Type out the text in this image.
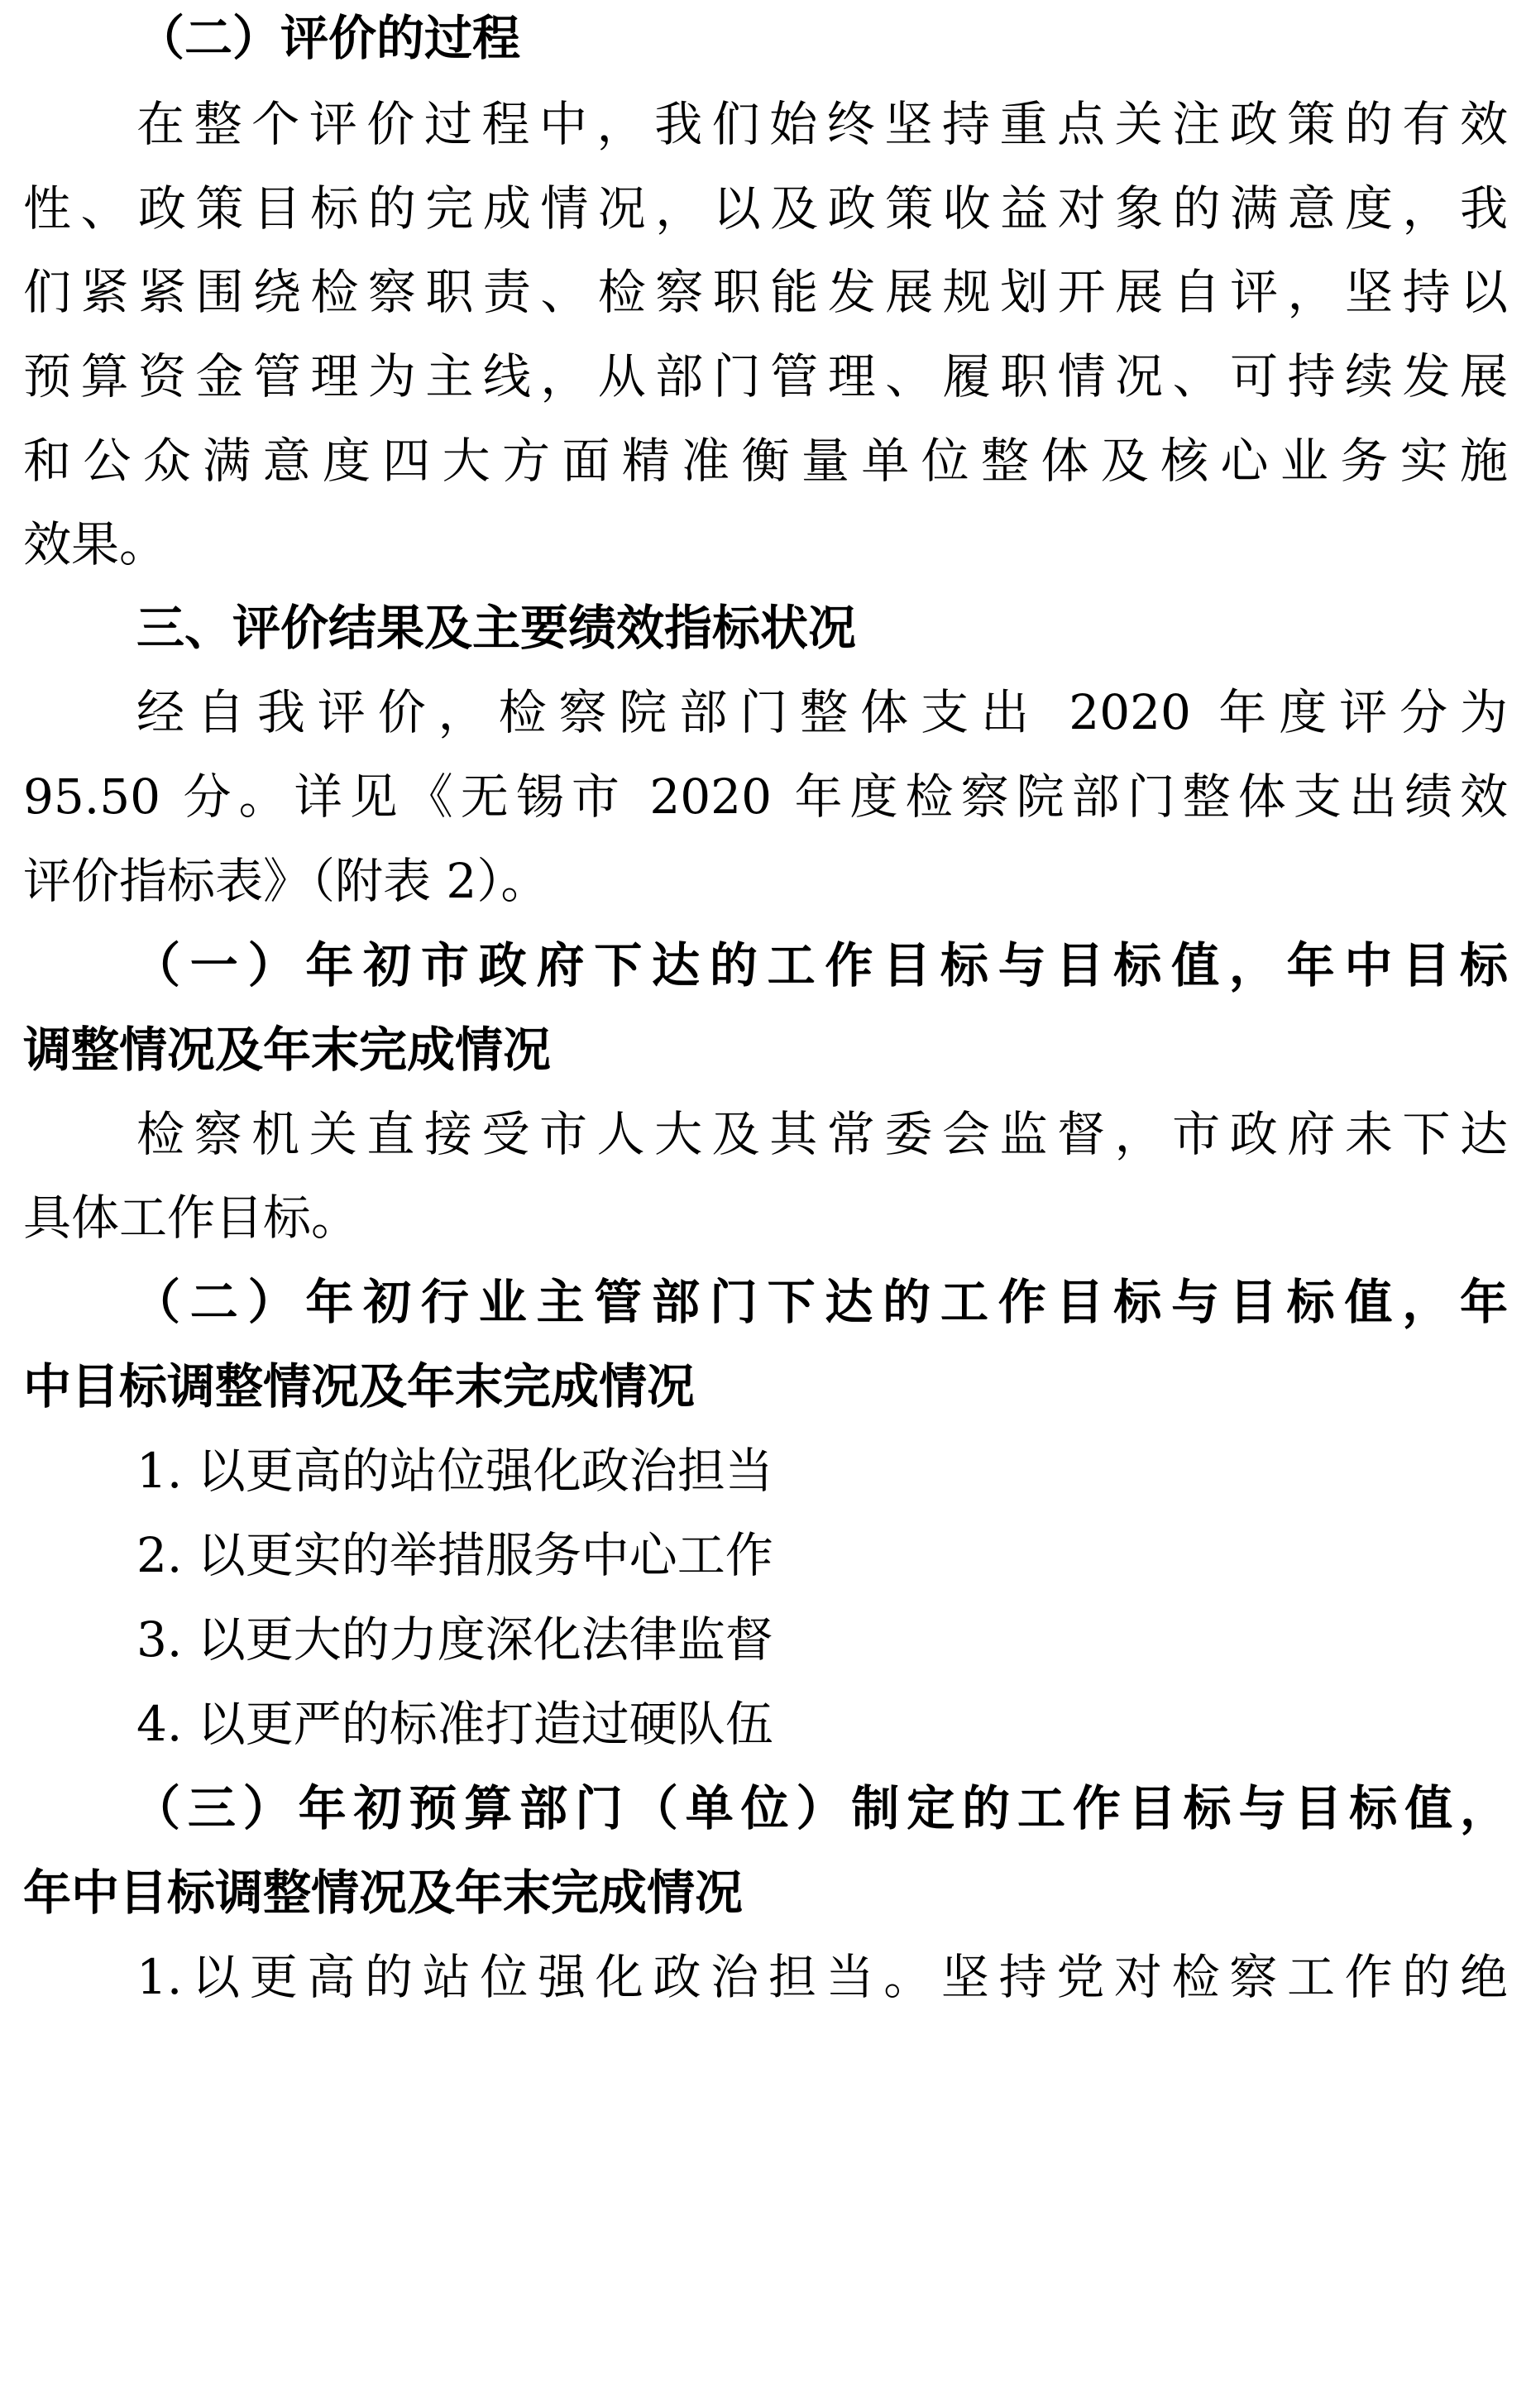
（二）评价的过程
在整个评价过程中，我们始终坚持重点关注政策的有效
性、政策目标的完成情况，以及政策收益对象的满意度，我
们紧紧围绕检察职责、检察职能发展规划开展自评，坚持以
预算资金管理为主线，从部门管理、履职情况、可持续发展
和公众满意度四大方面精准衡量单位整体及核心业务实施
效果。
三、评价结果及主要绩效指标状况
经自我评价，检察院部门整体支出 2020 年度评分为
95.50 分。详见《无锡市 2020 年度检察院部门整体支出绩效
评价指标表》（附表 2）。
（一）年初市政府下达的工作目标与目标值，年中目标
调整情况及年末完成情况
检察机关直接受市人大及其常委会监督，市政府未下达
具体工作目标。
（二）年初行业主管部门下达的工作目标与目标值，年
中目标调整情况及年末完成情况
1. 以更高的站位强化政治担当
2. 以更实的举措服务中心工作
3. 以更大的力度深化法律监督
4. 以更严的标准打造过硬队伍
（三）年初预算部门（单位）制定的工作目标与目标值，
年中目标调整情况及年末完成情况
1.以更高的站位强化政治担当。坚持党对检察工作的绝
